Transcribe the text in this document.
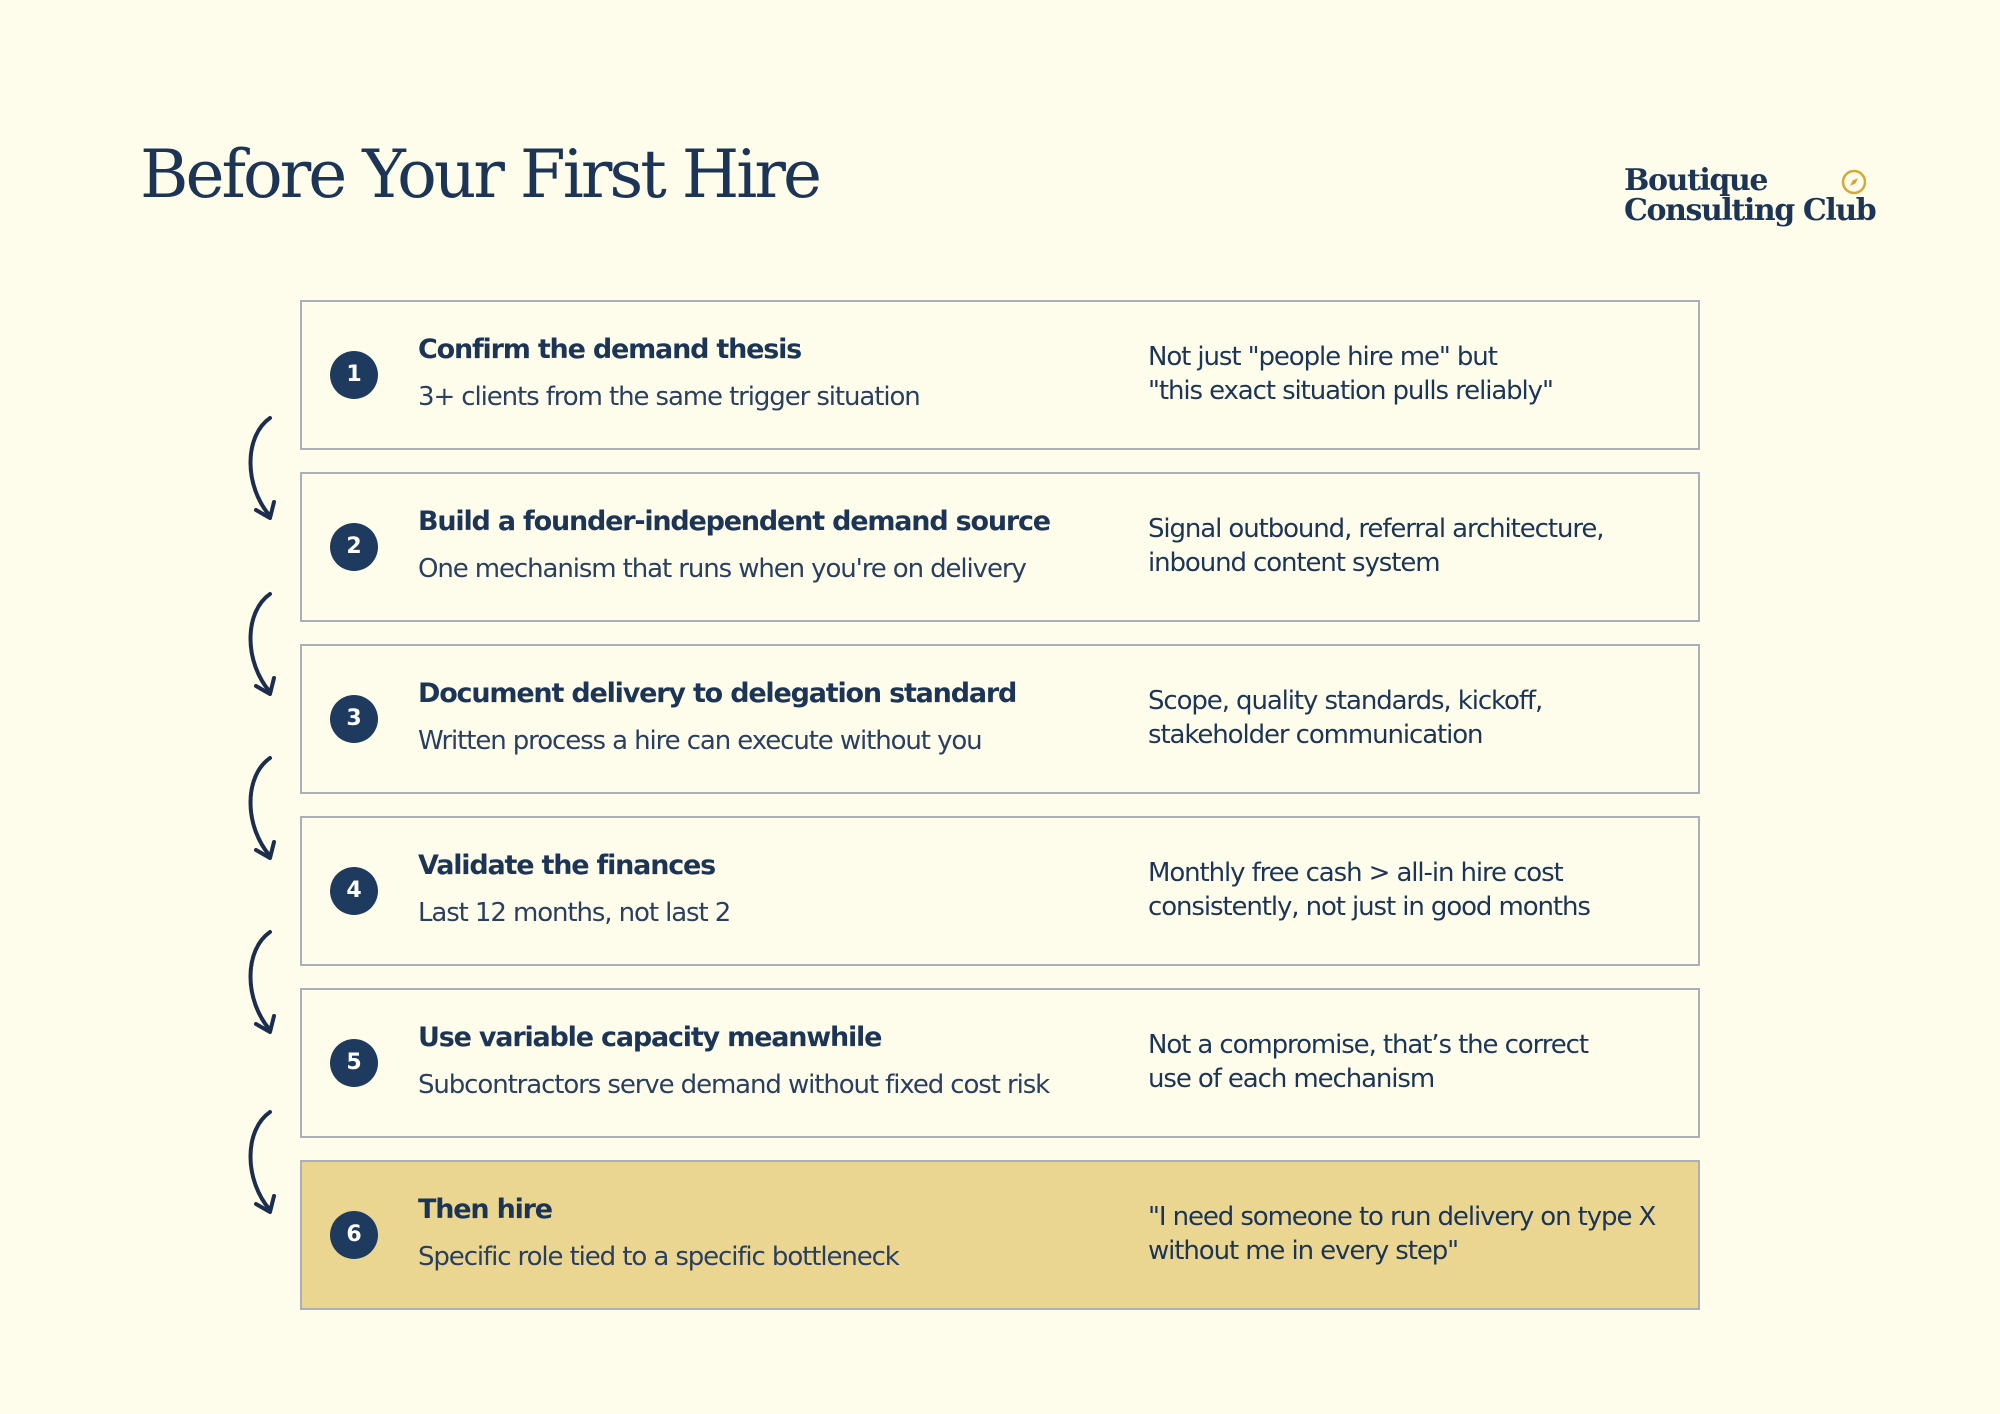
Before Your First Hire	Boutique
Consulting Club
1
Confirm the demand thesis
3+ clients from the same trigger situation
Not just "people hire me" but
"this exact situation pulls reliably"
2
Build a founder-independent demand source
One mechanism that runs when you're on delivery
Signal outbound, referral architecture,
inbound content system
3
Document delivery to delegation standard
Written process a hire can execute without you
Scope, quality standards, kickoff,
stakeholder communication
4
Validate the finances
Last 12 months, not last 2
Monthly free cash > all-in hire cost
consistently, not just in good months
5
Use variable capacity meanwhile
Subcontractors serve demand without fixed cost risk
Not a compromise, that’s the correct
use of each mechanism
6
Then hire
Specific role tied to a specific bottleneck
"I need someone to run delivery on type X
without me in every step"
